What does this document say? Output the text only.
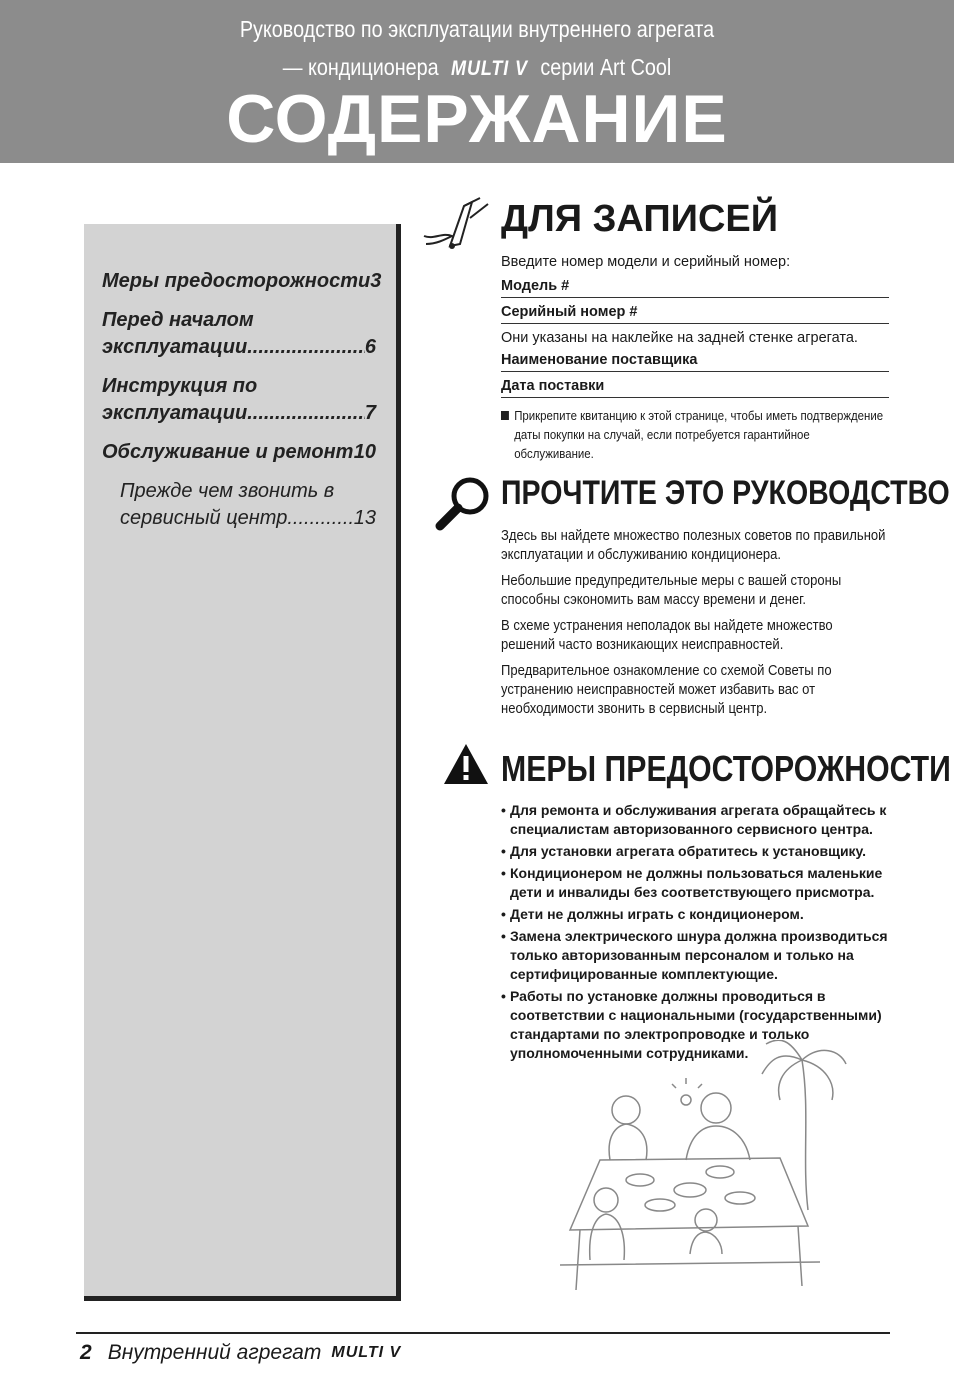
Руководство по эксплуатации внутреннего агрегата
— кондиционера MULTI V серии Art Cool
СОДЕРЖАНИЕ
Меры предосторожности 3
Перед началом
эксплуатации .....	6
Инструкция по
эксплуатации .....	7
Обслуживание и ремонт ..... 10
Прежде чем звонить в
сервисный центр .....	13
ДЛЯ ЗАПИСЕЙ
Введите номер модели и серийный номер:
Модель #
Серийный номер #
Они указаны на наклейке на задней стенке агрегата.
Наименование поставщика
Дата поставки
Прикрепите квитанцию к этой странице, чтобы иметь подтверждение даты покупки на случай, если потребуется гарантийное обслуживание.
ПРОЧТИТЕ ЭТО РУКОВОДСТВО

Здесь вы найдете множество полезных советов по правильной эксплуатации и обслуживанию кондиционера.

Небольшие предупредительные меры с вашей стороны способны сэкономить вам массу времени и денег.

В схеме устранения неполадок вы найдете множество решений часто возникающих неисправностей.

Предварительное ознакомление со схемой Советы по устранению неисправностей может избавить вас от необходимости звонить в сервисный центр.

МЕРЫ ПРЕДОСТОРОЖНОСТИ
• Для ремонта и обслуживания агрегата обращайтесь к специалистам авторизованного сервисного центра.
• Для установки агрегата обратитесь к установщику.
• Кондиционером не должны пользоваться маленькие дети и инвалиды без соответствующего присмотра.
• Дети не должны играть с кондиционером.
• Замена электрического шнура должна производиться только авторизованным персоналом и только на сертифицированные комплектующие.
• Работы по установке должны проводиться в соответствии с национальными (государственными) стандартами по электропроводке и только уполномоченными сотрудниками.
2 Внутренний агрегат MULTI V
